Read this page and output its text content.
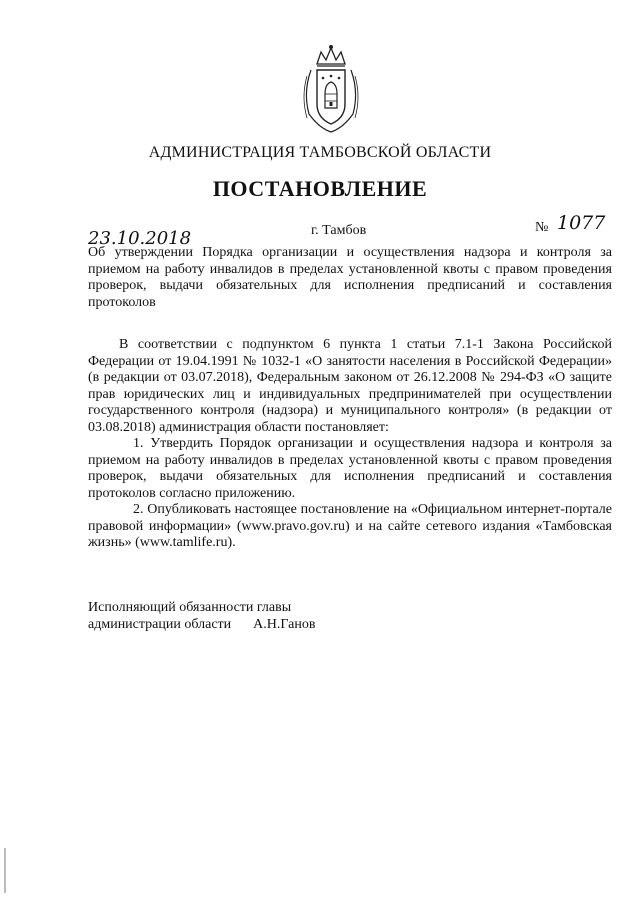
АДМИНИСТРАЦИЯ ТАМБОВСКОЙ ОБЛАСТИ
ПОСТАНОВЛЕНИЕ
г. Тамбов	№ 1077
23.10.2018
Об утверждении Порядка организации и осуществления надзора и контроля за приемом на работу инвалидов в пределах установленной квоты с правом проведения проверок, выдачи обязательных для исполнения предписаний и составления протоколов

В соответствии с подпунктом 6 пункта 1 статьи 7.1-1 Закона Российской Федерации от 19.04.1991 № 1032-1 «О занятости населения в Российской Федерации» (в редакции от 03.07.2018), Федеральным законом от 26.12.2008 № 294-ФЗ «О защите прав юридических лиц и индивидуальных предпринимателей при осуществлении государственного контроля (надзора) и муниципального контроля» (в редакции от 03.08.2018) администрация области постановляет:

1. Утвердить Порядок организации и осуществления надзора и контроля за приемом на работу инвалидов в пределах установленной квоты с правом проведения проверок, выдачи обязательных для исполнения предписаний и составления протоколов согласно приложению.

2. Опубликовать настоящее постановление на «Официальном интернет-портале правовой информации» (www.pravo.gov.ru) и на сайте сетевого издания «Тамбовская жизнь» (www.tamlife.ru).

Исполняющий обязанности главы
администрации области А.Н.Ганов
